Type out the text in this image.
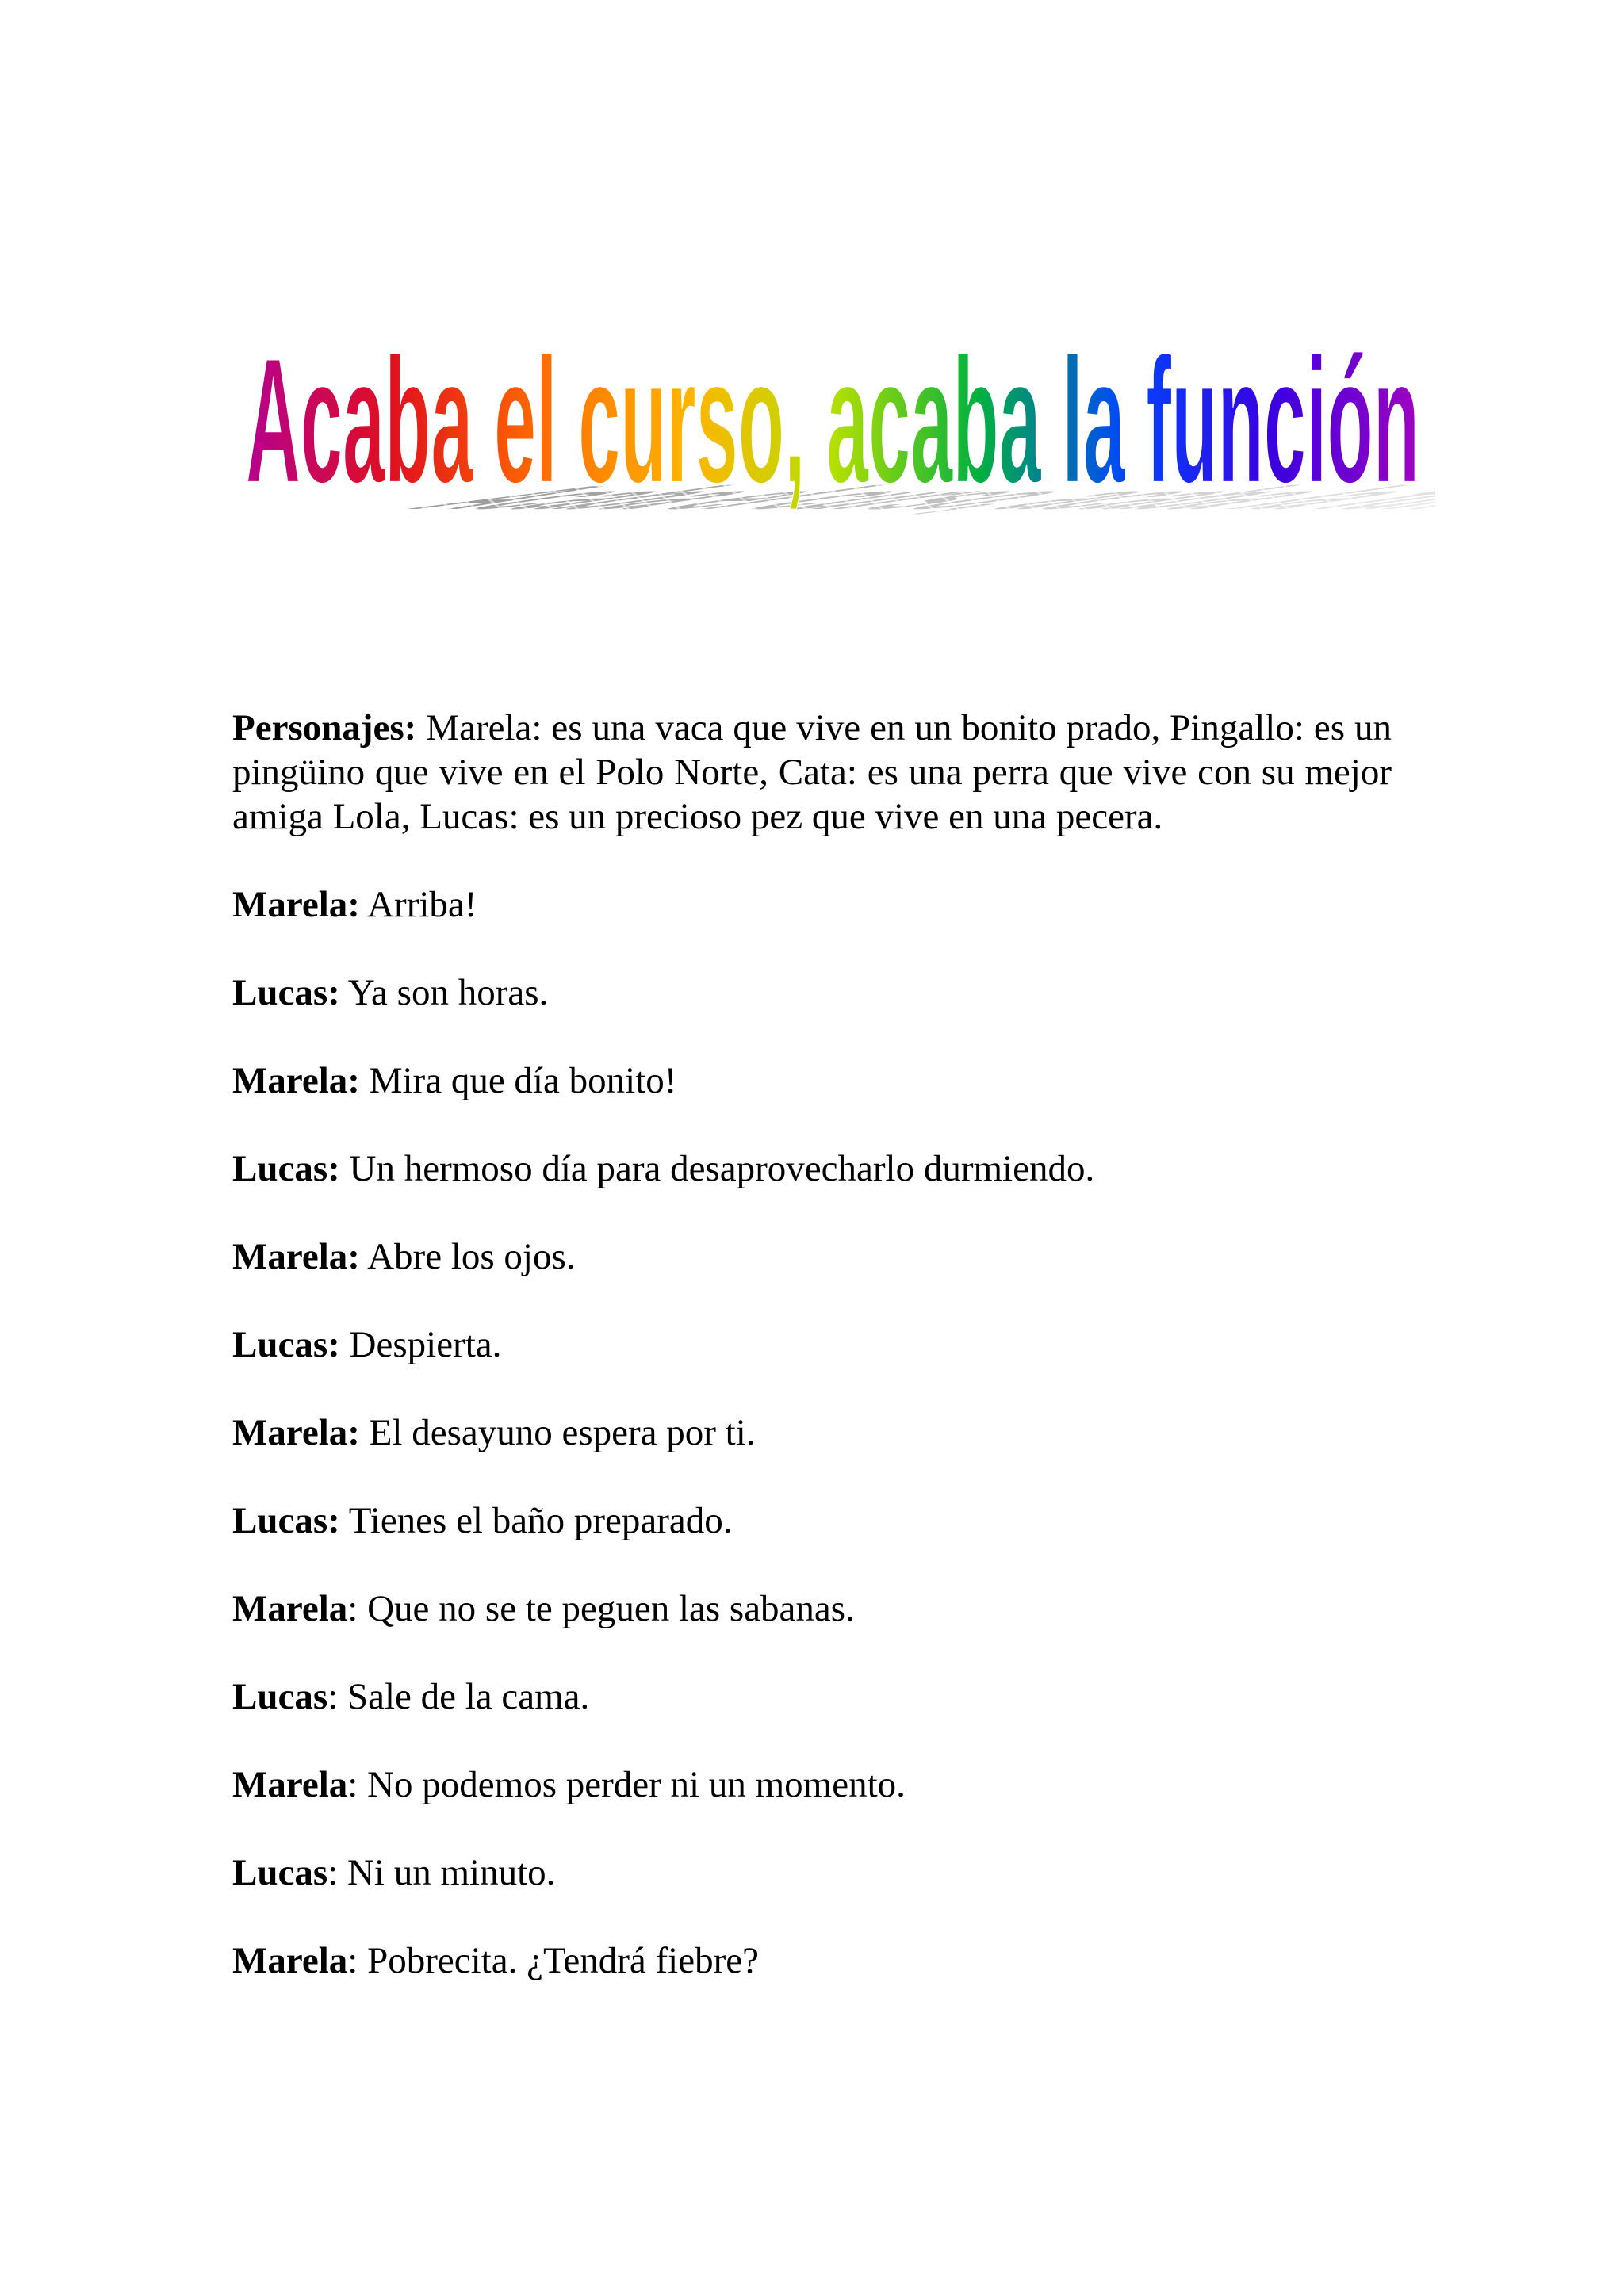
Acaba el curso, acaba la función

Personajes: Marela: es una vaca que vive en un bonito prado, Pingallo: es un pingüino que vive en el Polo Norte, Cata: es una perra que vive con su mejor amiga Lola, Lucas: es un precioso pez que vive en una pecera.

Marela: Arriba!

Lucas: Ya son horas.

Marela: Mira que día bonito!

Lucas: Un hermoso día para desaprovecharlo durmiendo.

Marela: Abre los ojos.

Lucas: Despierta.

Marela: El desayuno espera por ti.

Lucas: Tienes el baño preparado.

Marela: Que no se te peguen las sabanas.

Lucas: Sale de la cama.

Marela: No podemos perder ni un momento.

Lucas: Ni un minuto.

Marela: Pobrecita. ¿Tendrá fiebre?
